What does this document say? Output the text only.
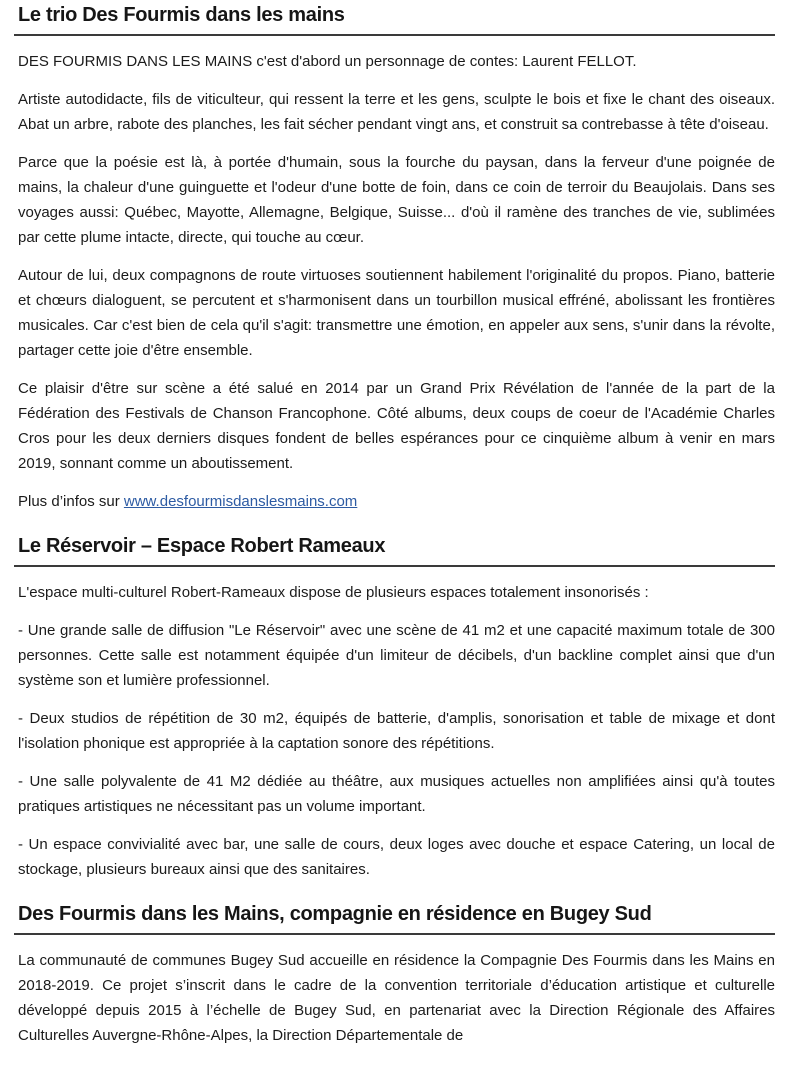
Le trio Des Fourmis dans les mains

DES FOURMIS DANS LES MAINS c'est d'abord un personnage de contes: Laurent FELLOT.

Artiste autodidacte, fils de viticulteur, qui ressent la terre et les gens, sculpte le bois et fixe le chant des oiseaux. Abat un arbre, rabote des planches, les fait sécher pendant vingt ans, et construit sa contrebasse à tête d'oiseau.

Parce que la poésie est là, à portée d'humain, sous la fourche du paysan, dans la ferveur d'une poignée de mains, la chaleur d'une guinguette et l'odeur d'une botte de foin, dans ce coin de terroir du Beaujolais. Dans ses voyages aussi: Québec, Mayotte, Allemagne, Belgique, Suisse... d'où il ramène des tranches de vie, sublimées par cette plume intacte, directe, qui touche au cœur.

Autour de lui, deux compagnons de route virtuoses soutiennent habilement l'originalité du propos. Piano, batterie et chœurs dialoguent, se percutent et s'harmonisent dans un tourbillon musical effréné, abolissant les frontières musicales. Car c'est bien de cela qu'il s'agit: transmettre une émotion, en appeler aux sens, s'unir dans la révolte, partager cette joie d'être ensemble.

Ce plaisir d'être sur scène a été salué en 2014 par un Grand Prix Révélation de l'année de la part de la Fédération des Festivals de Chanson Francophone. Côté albums, deux coups de coeur de l'Académie Charles Cros pour les deux derniers disques fondent de belles espérances pour ce cinquième album à venir en mars 2019, sonnant comme un aboutissement.

Plus d’infos sur www.desfourmisdanslesmains.com

Le Réservoir – Espace Robert Rameaux

L'espace multi-culturel Robert-Rameaux dispose de plusieurs espaces totalement insonorisés :

- Une grande salle de diffusion "Le Réservoir" avec une scène de 41 m2 et une capacité maximum totale de 300 personnes. Cette salle est notamment équipée d'un limiteur de décibels, d'un backline complet ainsi que d'un système son et lumière professionnel.

- Deux studios de répétition de 30 m2, équipés de batterie, d'amplis, sonorisation et table de mixage et dont l'isolation phonique est appropriée à la captation sonore des répétitions.

- Une salle polyvalente de 41 M2 dédiée au théâtre, aux musiques actuelles non amplifiées ainsi qu'à toutes pratiques artistiques ne nécessitant pas un volume important.

- Un espace convivialité avec bar, une salle de cours, deux loges avec douche et espace Catering, un local de stockage, plusieurs bureaux ainsi que des sanitaires.

Des Fourmis dans les Mains, compagnie en résidence en Bugey Sud

La communauté de communes Bugey Sud accueille en résidence la Compagnie Des Fourmis dans les Mains en 2018-2019. Ce projet s’inscrit dans le cadre de la convention territoriale d’éducation artistique et culturelle développé depuis 2015 à l’échelle de Bugey Sud, en partenariat avec la Direction Régionale des Affaires Culturelles Auvergne-Rhône-Alpes, la Direction Départementale de
